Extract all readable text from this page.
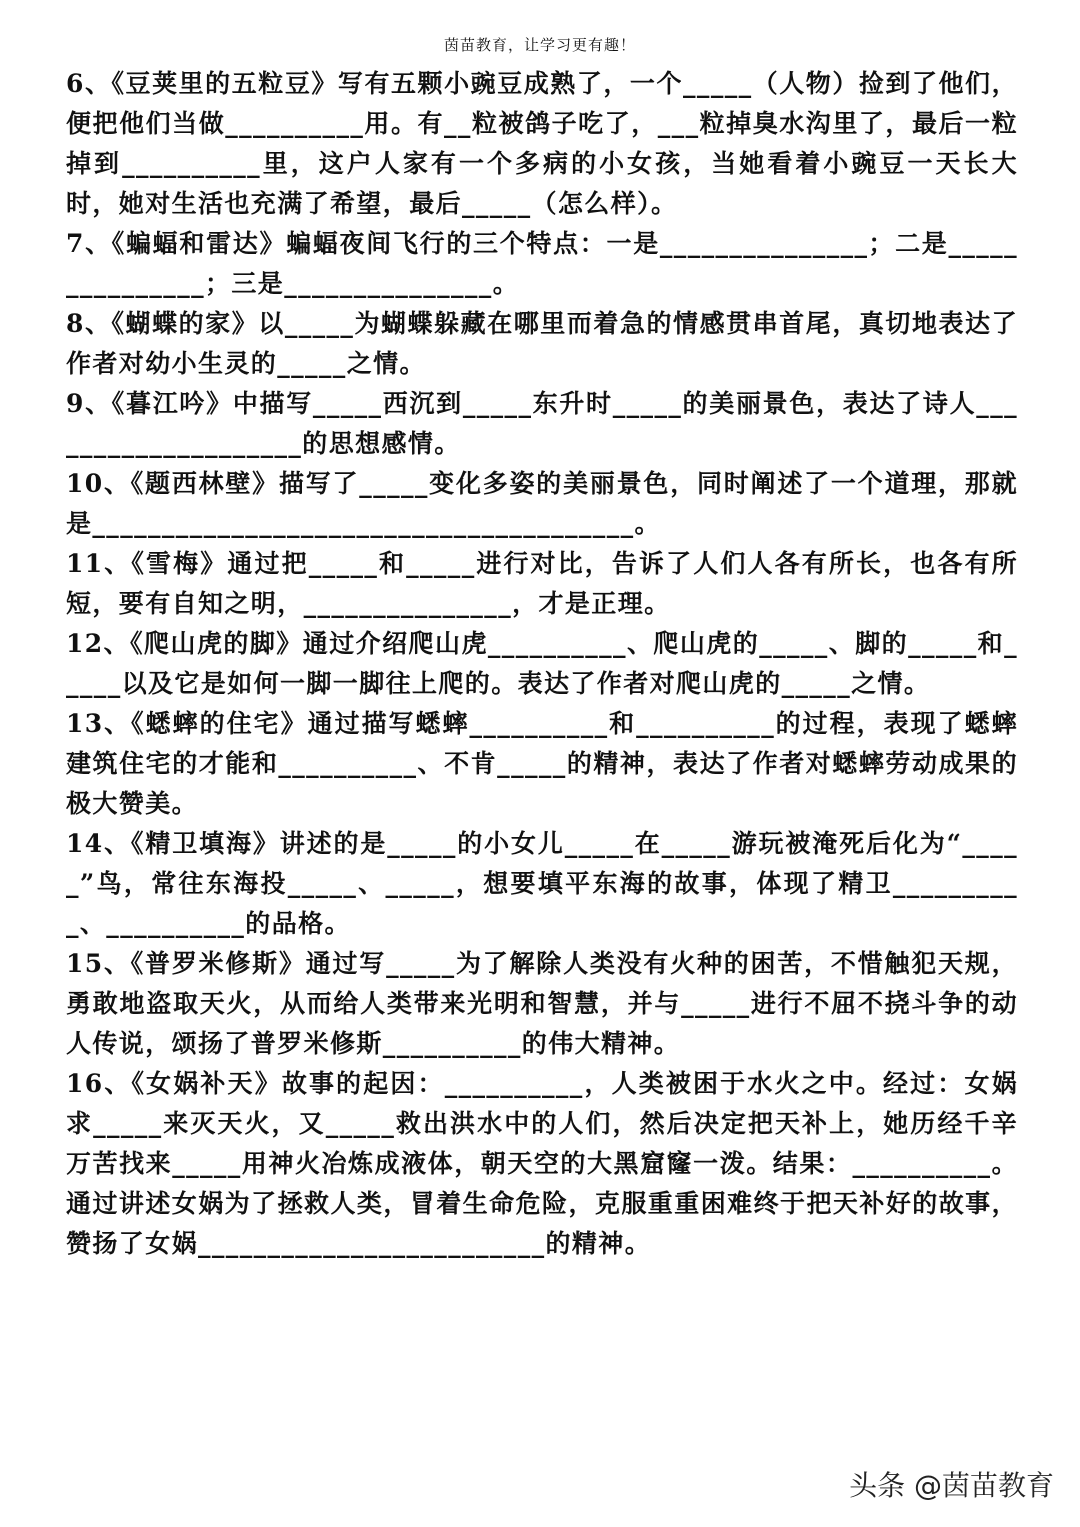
茵苗教育，让学习更有趣！

6、《豆荚里的五粒豆》写有五颗小豌豆成熟了，一个_____（人物）捡到了他们，便把他们当做__________用。有__粒被鸽子吃了，___粒掉臭水沟里了，最后一粒掉到__________里，这户人家有一个多病的小女孩，当她看着小豌豆一天长大时，她对生活也充满了希望，最后_____（怎么样）。

7、《蝙蝠和雷达》蝙蝠夜间飞行的三个特点：一是_______________；二是_______________；三是_______________。

8、《蝴蝶的家》以_____为蝴蝶躲藏在哪里而着急的情感贯串首尾，真切地表达了作者对幼小生灵的_____之情。

9、《暮江吟》中描写_____西沉到_____东升时_____的美丽景色，表达了诗人____________________的思想感情。

10、《题西林壁》描写了_____变化多姿的美丽景色，同时阐述了一个道理，那就是_______________________________________。

11、《雪梅》通过把_____和_____进行对比，告诉了人们人各有所长，也各有所短，要有自知之明，_______________，才是正理。

12、《爬山虎的脚》通过介绍爬山虎__________、爬山虎的_____、脚的_____和_____以及它是如何一脚一脚往上爬的。表达了作者对爬山虎的_____之情。

13、《蟋蟀的住宅》通过描写蟋蟀__________和__________的过程，表现了蟋蟀建筑住宅的才能和__________、不肯_____的精神，表达了作者对蟋蟀劳动成果的极大赞美。

14、《精卫填海》讲述的是_____的小女儿_____在_____游玩被淹死后化为“_____”鸟，常往东海投_____、_____，想要填平东海的故事，体现了精卫__________、__________的品格。

15、《普罗米修斯》通过写_____为了解除人类没有火种的困苦，不惜触犯天规，勇敢地盗取天火，从而给人类带来光明和智慧，并与_____进行不屈不挠斗争的动人传说，颂扬了普罗米修斯__________的伟大精神。

16、《女娲补天》故事的起因：__________，人类被困于水火之中。经过：女娲求_____来灭天火，又_____救出洪水中的人们，然后决定把天补上，她历经千辛万苦找来_____用神火冶炼成液体，朝天空的大黑窟窿一泼。结果：__________。通过讲述女娲为了拯救人类，冒着生命危险，克服重重困难终于把天补好的故事，赞扬了女娲_________________________的精神。

头条 @茵苗教育
